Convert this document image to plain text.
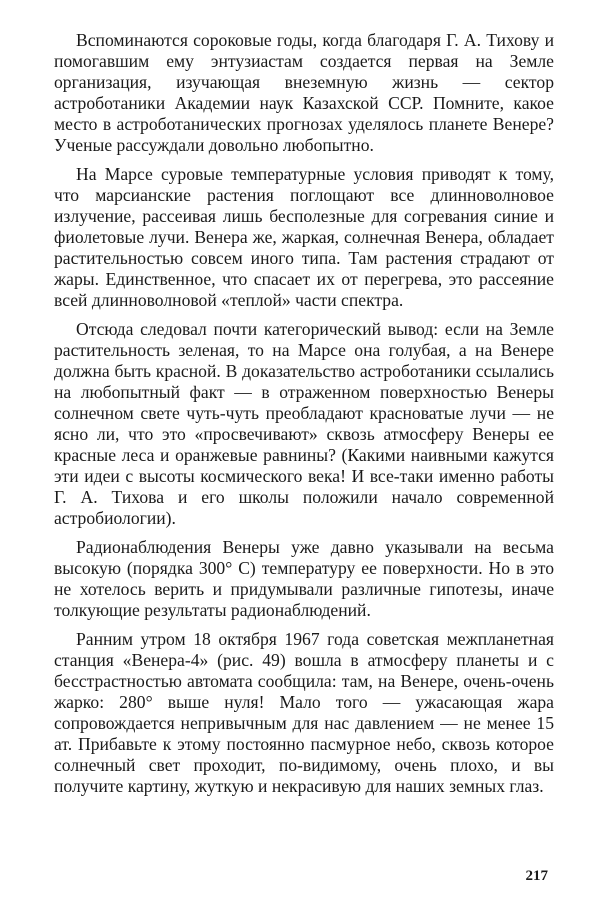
Вспоминаются сороковые годы, когда благодаря Г. А. Тихову и помогавшим ему энтузиастам создается первая на Земле организация, изучающая внеземную жизнь — сектор астроботаники Академии наук Казахской ССР. Помните, какое место в астроботанических прогнозах уделялось планете Венере? Ученые рассуждали довольно любопытно.

На Марсе суровые температурные условия приводят к тому, что марсианские растения поглощают все длинноволновое излучение, рассеивая лишь бесполезные для согревания синие и фиолетовые лучи. Венера же, жаркая, солнечная Венера, обладает растительностью совсем иного типа. Там растения страдают от жары. Единственное, что спасает их от перегрева, это рассеяние всей длинноволновой «теплой» части спектра.

Отсюда следовал почти категорический вывод: если на Земле растительность зеленая, то на Марсе она голубая, а на Венере должна быть красной. В доказательство астроботаники ссылались на любопытный факт — в отраженном поверхностью Венеры солнечном свете чуть-чуть преобладают красноватые лучи — не ясно ли, что это «просвечивают» сквозь атмосферу Венеры ее красные леса и оранжевые равнины? (Какими наивными кажутся эти идеи с высоты космического века! И все-таки именно работы Г. А. Тихова и его школы положили начало современной астробиологии).

Радионаблюдения Венеры уже давно указывали на весьма высокую (порядка 300° С) температуру ее поверхности. Но в это не хотелось верить и придумывали различные гипотезы, иначе толкующие результаты радионаблюдений.

Ранним утром 18 октября 1967 года советская межпланетная станция «Венера-4» (рис. 49) вошла в атмосферу планеты и с бесстрастностью автомата сообщила: там, на Венере, очень-очень жарко: 280° выше нуля! Мало того — ужасающая жара сопровождается непривычным для нас давлением — не менее 15 ат. Прибавьте к этому постоянно пасмурное небо, сквозь которое солнечный свет проходит, по-видимому, очень плохо, и вы получите картину, жуткую и некрасивую для наших земных глаз.

217
